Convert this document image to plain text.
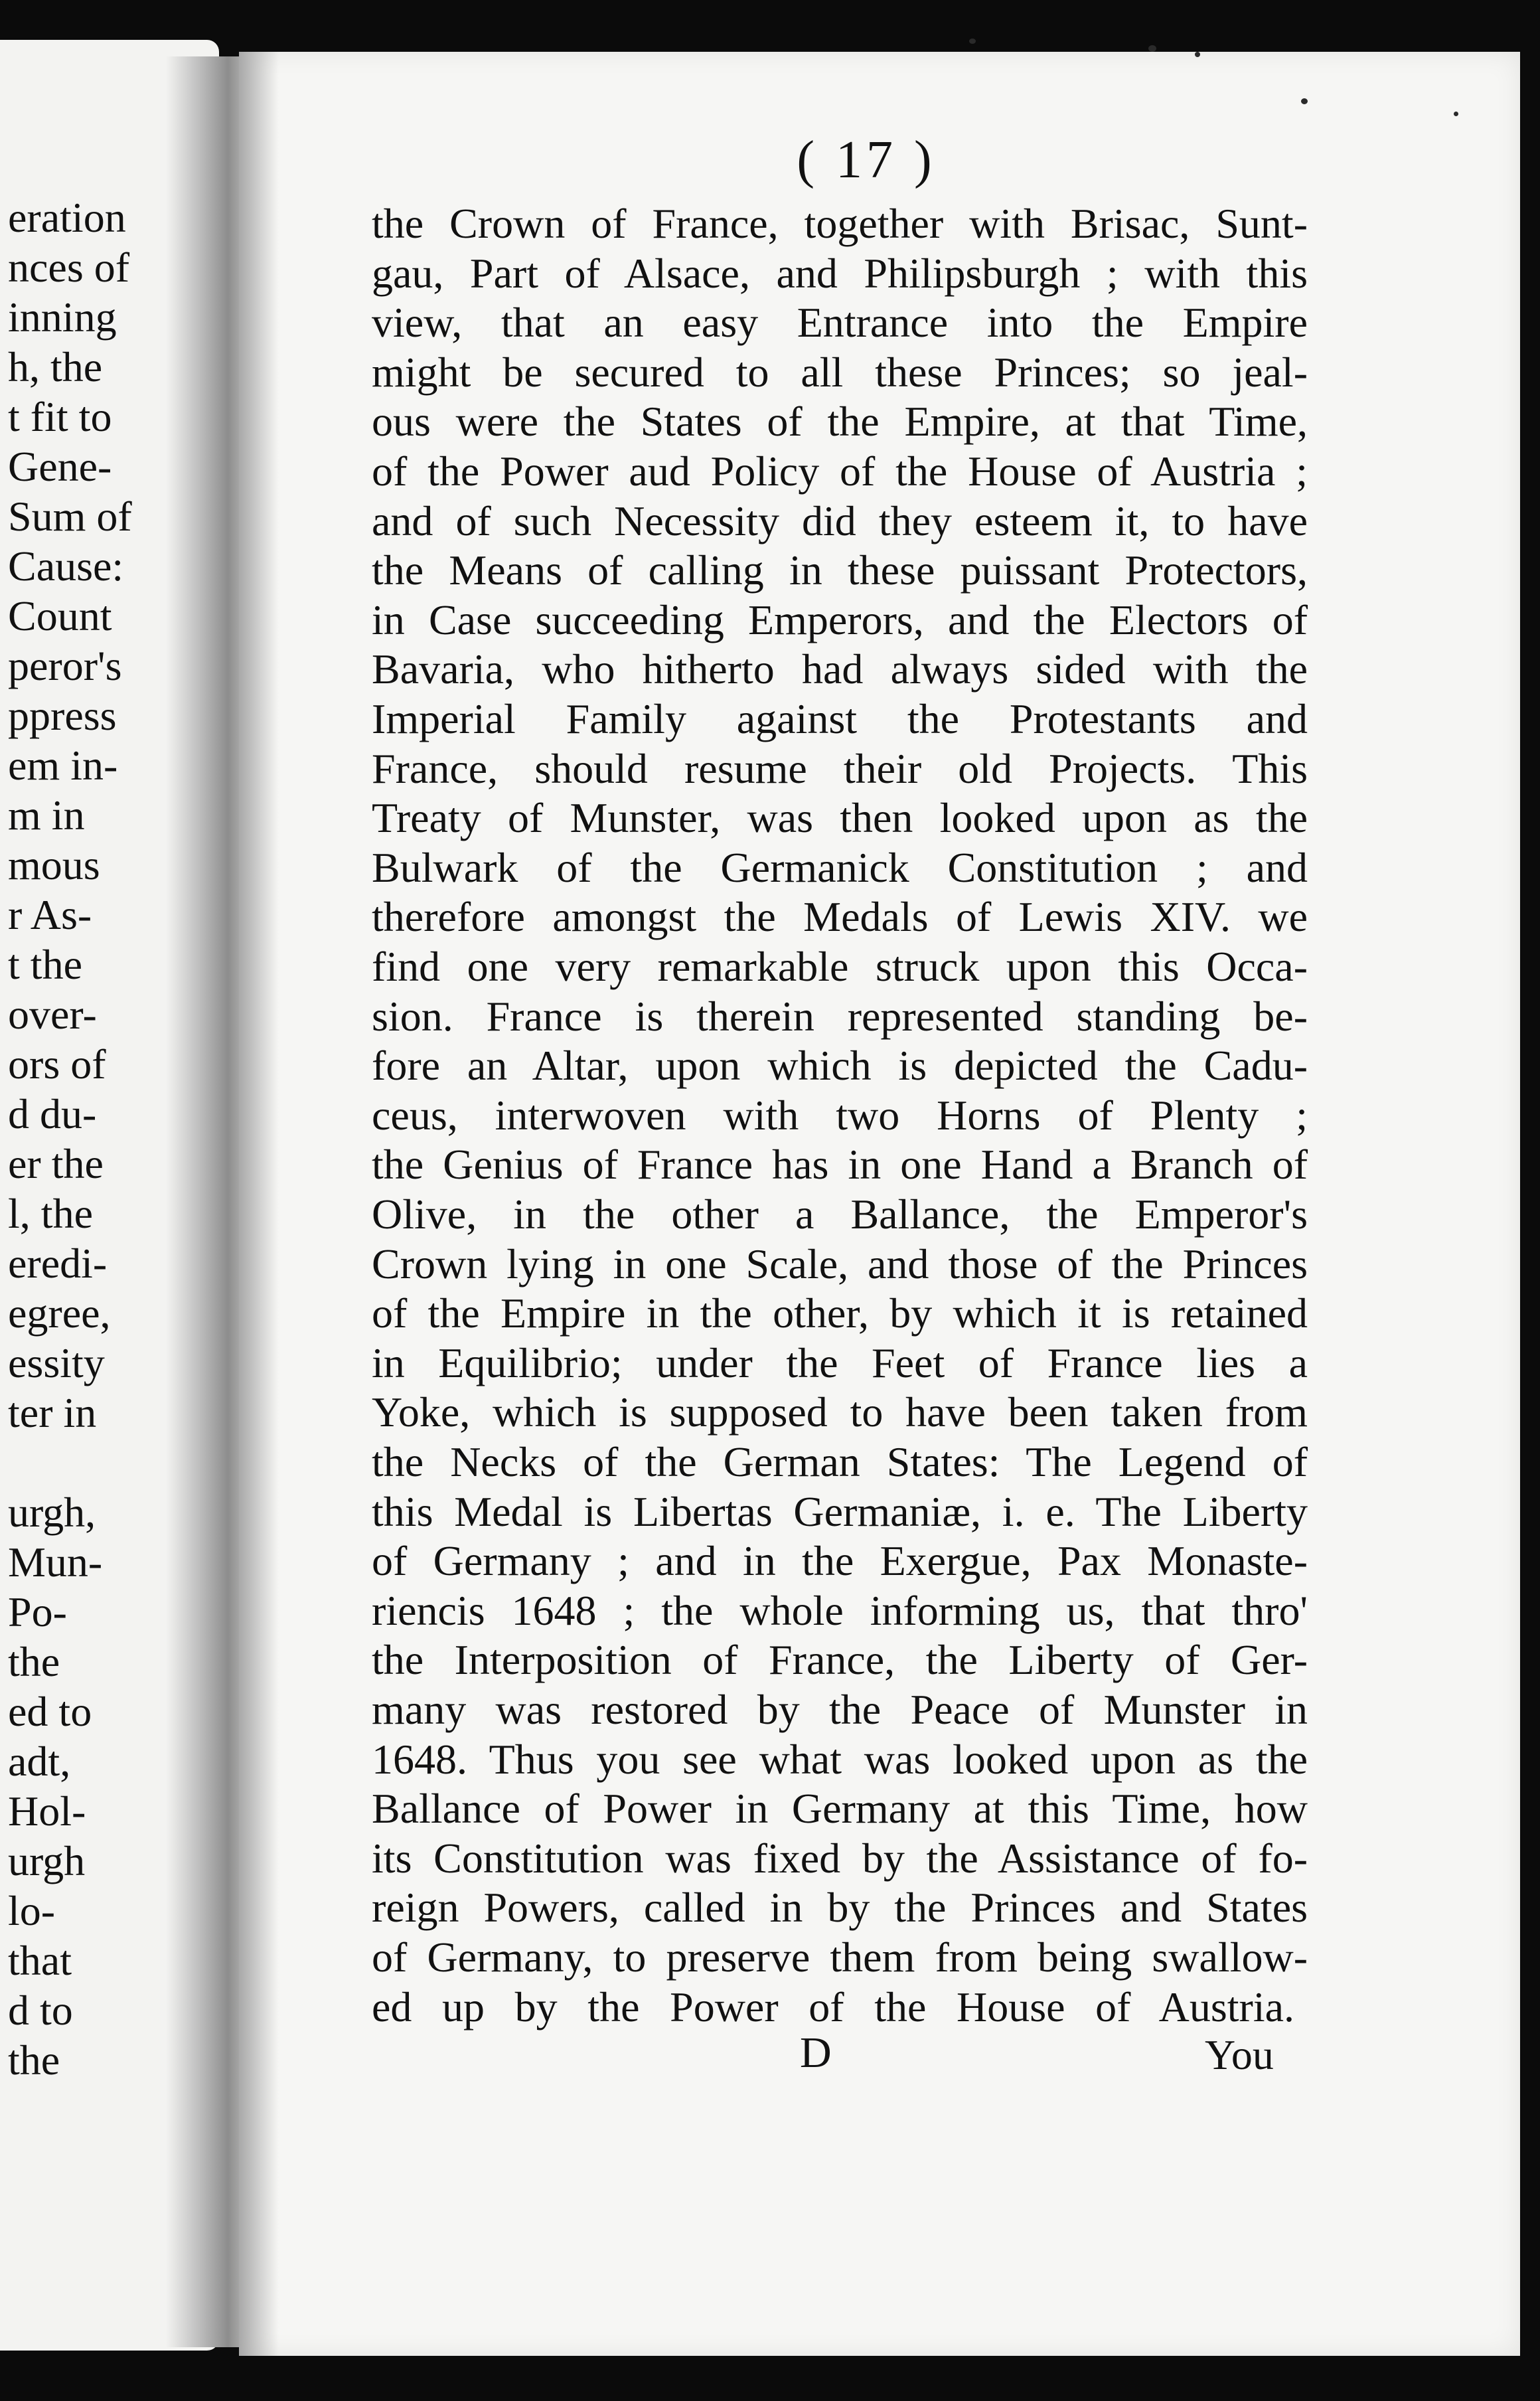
eration
nces of
inning
h, the
t fit to
Gene-
Sum of
Cause:
Count
peror's
ppress
em in-
m in
mous
r As-
t the
over-
ors of
d du-
er the
l, the
eredi-
egree,
essity
ter in
urgh,
Mun-
Po-
the
ed to
adt,
Hol-
urgh
lo-
that
d to
the
( 17 )
the Crown of France, together with Brisac, Sunt-
gau, Part of Alsace, and Philipsburgh ; with this
view, that an easy Entrance into the Empire
might be secured to all these Princes; so jeal-
ous were the States of the Empire, at that Time,
of the Power aud Policy of the House of Austria ;
and of such Necessity did they esteem it, to have
the Means of calling in these puissant Protectors,
in Case succeeding Emperors, and the Electors of
Bavaria, who hitherto had always sided with the
Imperial Family against the Protestants and
France, should resume their old Projects. This
Treaty of Munster, was then looked upon as the
Bulwark of the Germanick Constitution ; and
therefore amongst the Medals of Lewis XIV. we
find one very remarkable struck upon this Occa-
sion. France is therein represented standing be-
fore an Altar, upon which is depicted the Cadu-
ceus, interwoven with two Horns of Plenty ;
the Genius of France has in one Hand a Branch of
Olive, in the other a Ballance, the Emperor's
Crown lying in one Scale, and those of the Princes
of the Empire in the other, by which it is retained
in Equilibrio; under the Feet of France lies a
Yoke, which is supposed to have been taken from
the Necks of the German States: The Legend of
this Medal is Libertas Germaniæ, i. e. The Liberty
of Germany ; and in the Exergue, Pax Monaste-
riencis 1648 ; the whole informing us, that thro'
the Interposition of France, the Liberty of Ger-
many was restored by the Peace of Munster in
1648. Thus you see what was looked upon as the
Ballance of Power in Germany at this Time, how
its Constitution was fixed by the Assistance of fo-
reign Powers, called in by the Princes and States
of Germany, to preserve them from being swallow-
ed up by the Power of the House of Austria.
D	You
